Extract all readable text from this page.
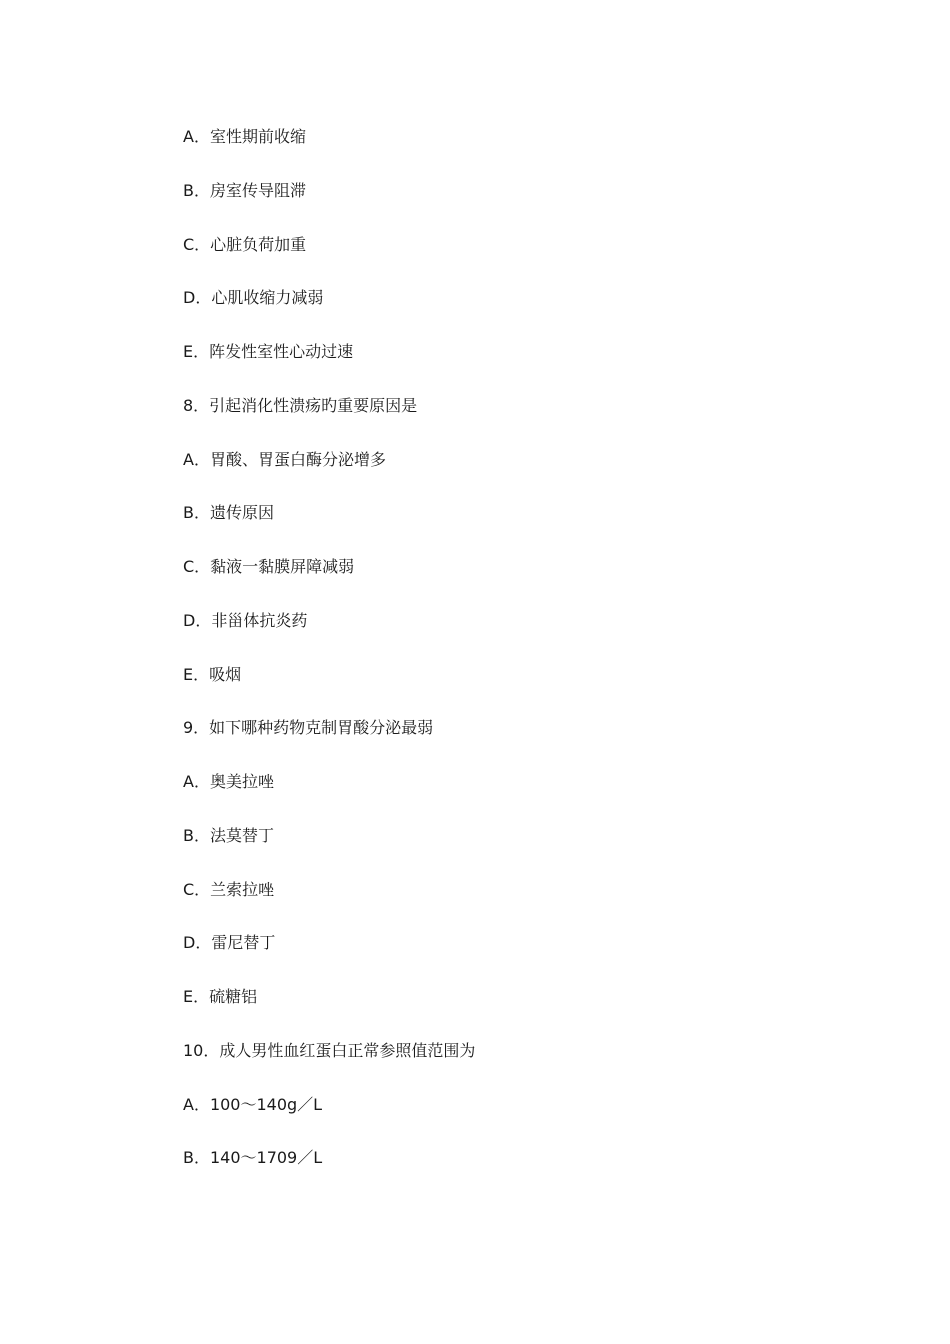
A．室性期前收缩
B．房室传导阻滞
C．心脏负荷加重
D．心肌收缩力减弱
E．阵发性室性心动过速
8．引起消化性溃疡旳重要原因是
A．胃酸、胃蛋白酶分泌增多
B．遗传原因
C．黏液一黏膜屏障减弱
D．非甾体抗炎药
E．吸烟
9．如下哪种药物克制胃酸分泌最弱
A．奥美拉唑
B．法莫替丁
C．兰索拉唑
D．雷尼替丁
E．硫糖铝
10．成人男性血红蛋白正常参照值范围为
A．100～140g／L
B．140～1709／L
